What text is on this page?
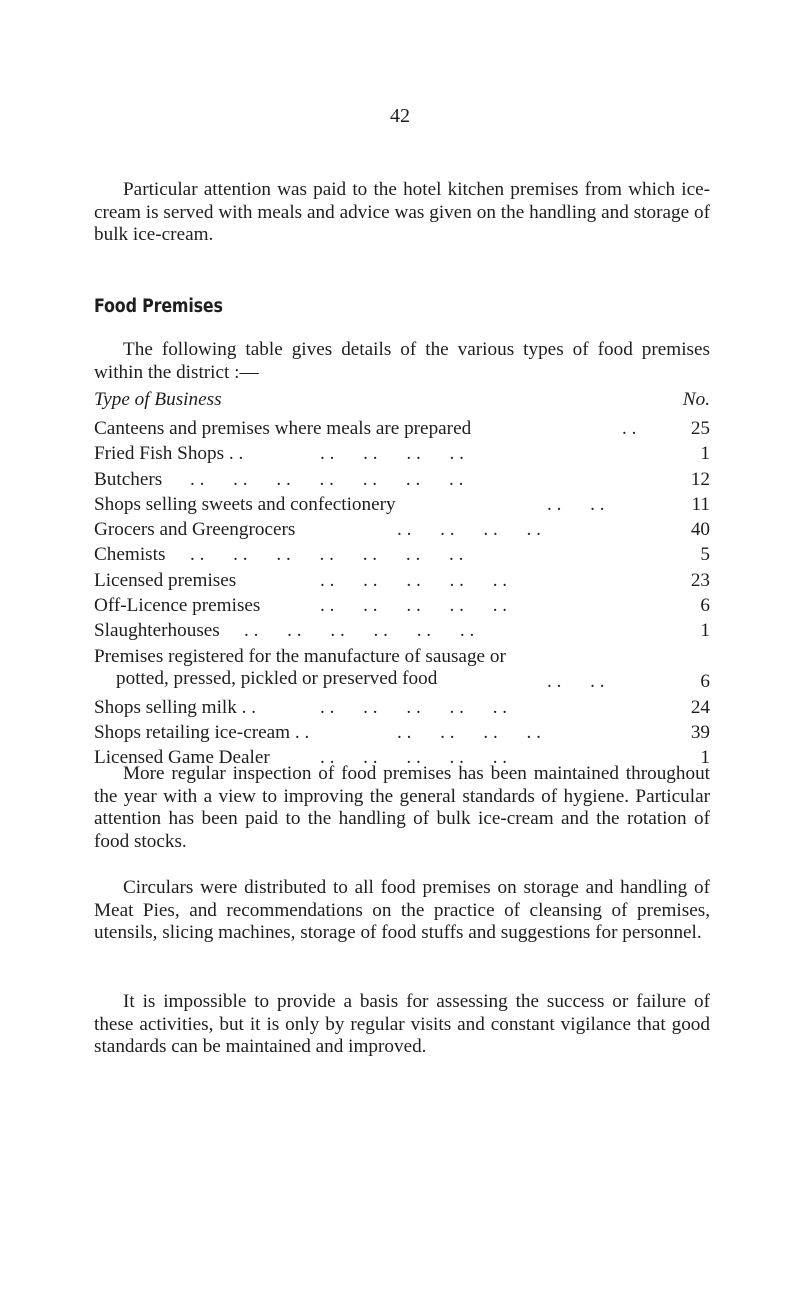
42

Particular attention was paid to the hotel kitchen premises from which ice-cream is served with meals and advice was given on the handling and storage of bulk ice-cream.

Food Premises

The following table gives details of the various types of food premises within the district :—

Type of Business	No.
Canteens and premises where meals are prepared	. .	25
Fried Fish Shops . .	. .      . .      . .      . .	1
Butchers	. .      . .      . .      . .      . .      . .      . .	12
Shops selling sweets and confectionery	. .      . .	11
Grocers and Greengrocers	. .      . .      . .      . .	40
Chemists	. .      . .      . .      . .      . .      . .      . .	5
Licensed premises	. .      . .      . .      . .      . .	23
Off-Licence premises	. .      . .      . .      . .      . .	6
Slaughterhouses	. .      . .      . .      . .      . .      . .	1
Premises registered for the manufacture of sausage or
potted, pressed, pickled or preserved food	. .      . .	6
Shops selling milk . .	. .      . .      . .      . .      . .	24
Shops retailing ice-cream . .	. .      . .      . .      . .	39
Licensed Game Dealer	. .      . .      . .      . .      . .	1

More regular inspection of food premises has been maintained throughout the year with a view to improving the general standards of hygiene. Particular attention has been paid to the handling of bulk ice-cream and the rotation of food stocks.

Circulars were distributed to all food premises on storage and handling of Meat Pies, and recommendations on the practice of cleansing of premises, utensils, slicing machines, storage of food stuffs and suggestions for personnel.

It is impossible to provide a basis for assessing the success or failure of these activities, but it is only by regular visits and constant vigilance that good standards can be maintained and improved.
